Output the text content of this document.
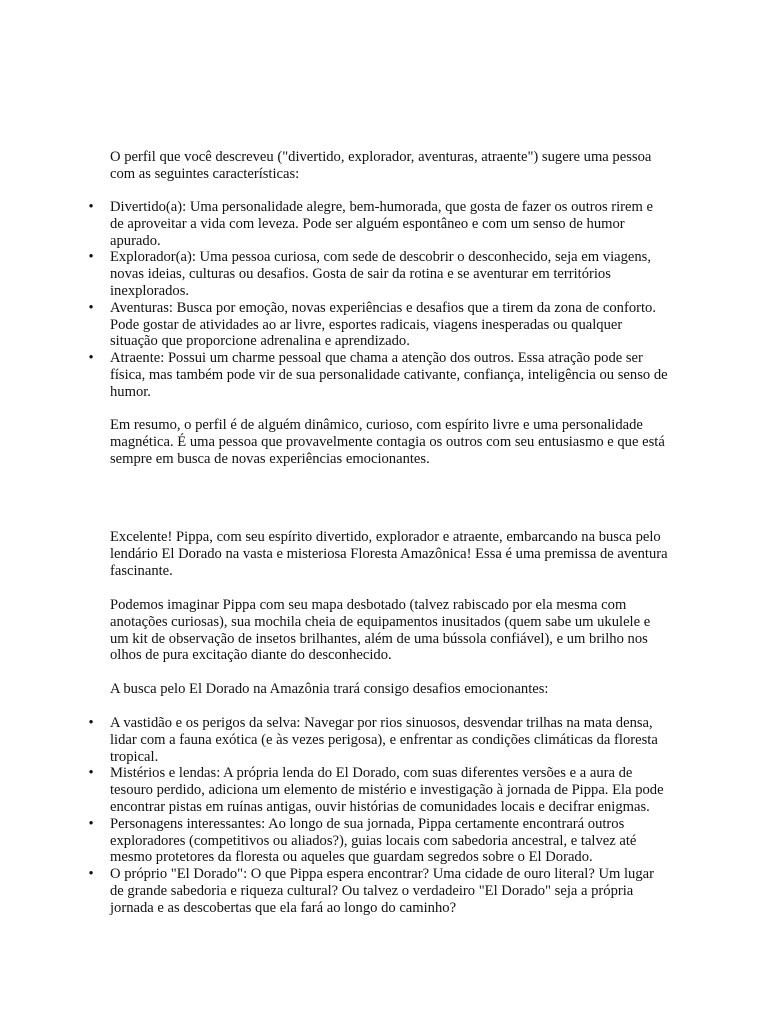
O perfil que você descreveu ("divertido, explorador, aventuras, atraente") sugere uma pessoa com as seguintes características:

• Divertido(a): Uma personalidade alegre, bem-humorada, que gosta de fazer os outros rirem e de aproveitar a vida com leveza. Pode ser alguém espontâneo e com um senso de humor apurado.
• Explorador(a): Uma pessoa curiosa, com sede de descobrir o desconhecido, seja em viagens, novas ideias, culturas ou desafios. Gosta de sair da rotina e se aventurar em territórios inexplorados.
• Aventuras: Busca por emoção, novas experiências e desafios que a tirem da zona de conforto. Pode gostar de atividades ao ar livre, esportes radicais, viagens inesperadas ou qualquer situação que proporcione adrenalina e aprendizado.
• Atraente: Possui um charme pessoal que chama a atenção dos outros. Essa atração pode ser física, mas também pode vir de sua personalidade cativante, confiança, inteligência ou senso de humor.

Em resumo, o perfil é de alguém dinâmico, curioso, com espírito livre e uma personalidade magnética. É uma pessoa que provavelmente contagia os outros com seu entusiasmo e que está sempre em busca de novas experiências emocionantes.

Excelente! Pippa, com seu espírito divertido, explorador e atraente, embarcando na busca pelo lendário El Dorado na vasta e misteriosa Floresta Amazônica! Essa é uma premissa de aventura fascinante.

Podemos imaginar Pippa com seu mapa desbotado (talvez rabiscado por ela mesma com anotações curiosas), sua mochila cheia de equipamentos inusitados (quem sabe um ukulele e um kit de observação de insetos brilhantes, além de uma bússola confiável), e um brilho nos olhos de pura excitação diante do desconhecido.

A busca pelo El Dorado na Amazônia trará consigo desafios emocionantes:

• A vastidão e os perigos da selva: Navegar por rios sinuosos, desvendar trilhas na mata densa, lidar com a fauna exótica (e às vezes perigosa), e enfrentar as condições climáticas da floresta tropical.
• Mistérios e lendas: A própria lenda do El Dorado, com suas diferentes versões e a aura de tesouro perdido, adiciona um elemento de mistério e investigação à jornada de Pippa. Ela pode encontrar pistas em ruínas antigas, ouvir histórias de comunidades locais e decifrar enigmas.
• Personagens interessantes: Ao longo de sua jornada, Pippa certamente encontrará outros exploradores (competitivos ou aliados?), guias locais com sabedoria ancestral, e talvez até mesmo protetores da floresta ou aqueles que guardam segredos sobre o El Dorado.
• O próprio "El Dorado": O que Pippa espera encontrar? Uma cidade de ouro literal? Um lugar de grande sabedoria e riqueza cultural? Ou talvez o verdadeiro "El Dorado" seja a própria jornada e as descobertas que ela fará ao longo do caminho?
